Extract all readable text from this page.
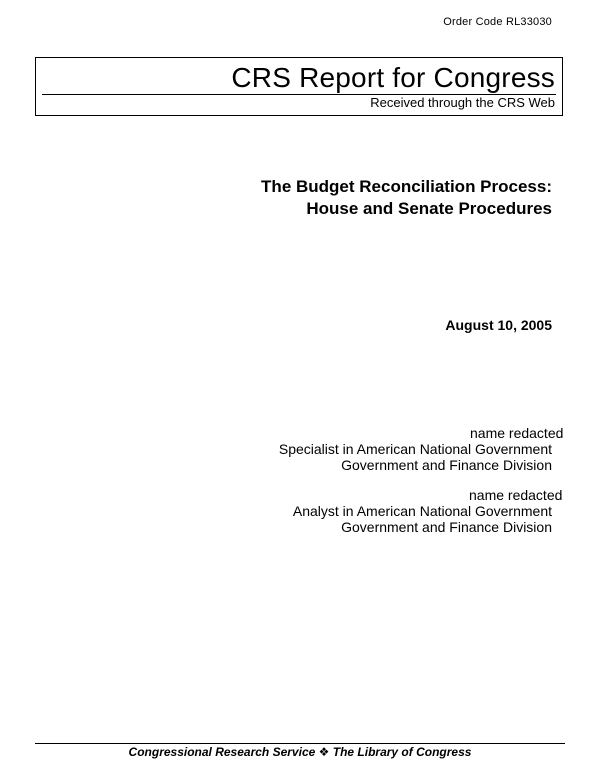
Order Code RL33030
CRS Report for Congress
Received through the CRS Web
The Budget Reconciliation Process:
House and Senate Procedures
August 10, 2005
name redacted
Specialist in American National Government
Government and Finance Division
name redacted
Analyst in American National Government
Government and Finance Division
Congressional Research Service ❖ The Library of Congress
